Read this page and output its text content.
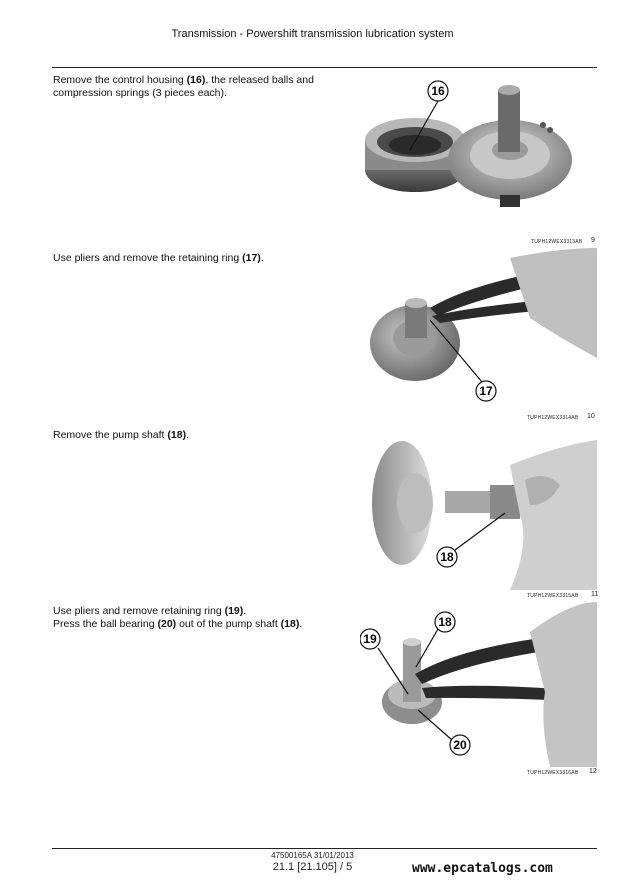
Transmission - Powershift transmission lubrication system
Remove the control housing (16), the released balls and compression springs (3 pieces each).	16
TUPH12WEX3313AB 9
Use pliers and remove the retaining ring (17).
17
TUPH12WEX3314AB 10
Remove the pump shaft (18).
18
TUPH12WEX3315AB 11
Use pliers and remove retaining ring (19).
Press the ball bearing (20) out of the pump shaft (18).
19
18
20
TUPH12WEX3316AB 12
47500165A 31/01/2013
21.1 [21.105] / 5	www.epcatalogs.com
